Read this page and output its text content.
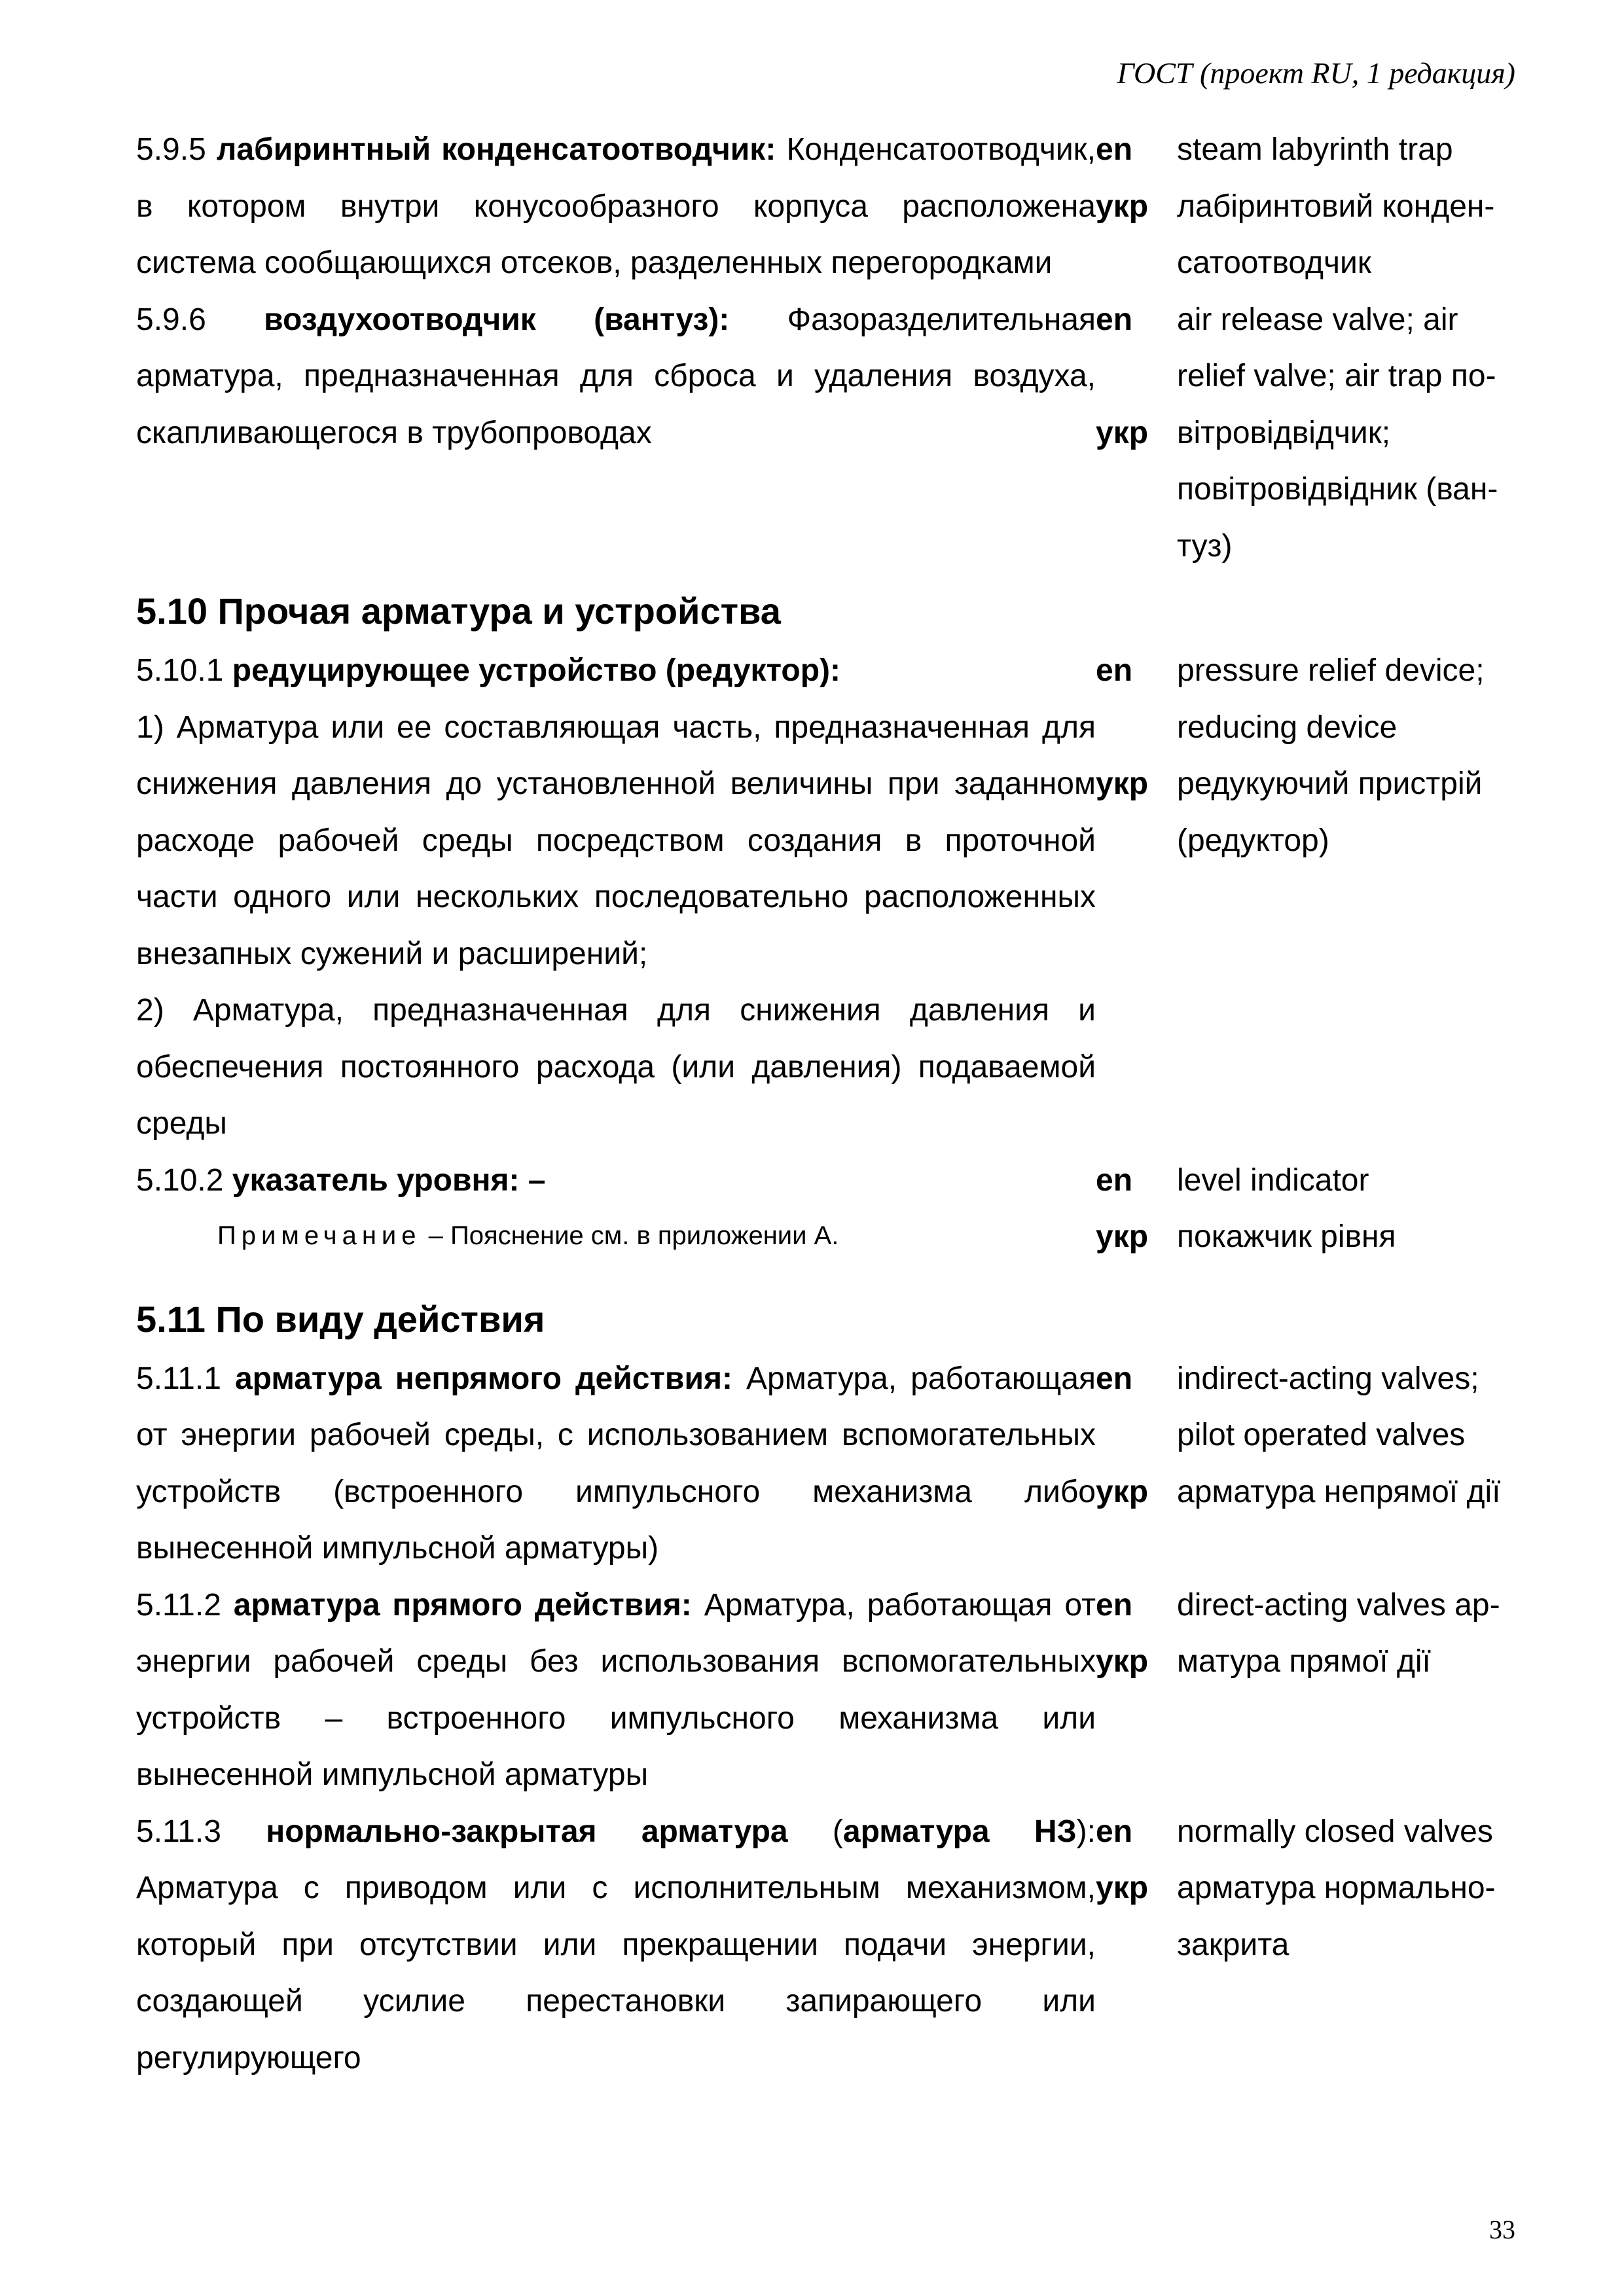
ГОСТ (проект RU, 1 редакция)

5.9.5 лабиринтный конденсатоотводчик: Конденсатоотводчик, в котором внутри конусообразного корпуса расположена система сообщающихся отсеков, разделенных перегородками

en
укр
steam labyrinth trap
лабіринтовий конден-
сатоотводчик

5.9.6 воздухоотводчик (вантуз): Фазоразделительная арматура, предназначенная для сброса и удаления воздуха, скапливающегося в трубопроводах

en
укр
air release valve; air
relief valve; air trap по-
вітровідвідчик;
повітровідвідник (ван-
туз)
5.10 Прочая арматура и устройства

5.10.1 редуцирующее устройство (редуктор):

1) Арматура или ее составляющая часть, предназначенная для снижения давления до установленной величины при заданном расходе рабочей среды посредством создания в проточной части одного или нескольких последовательно расположенных внезапных сужений и расширений;

2) Арматура, предназначенная для снижения давления и обеспечения постоянного расхода (или давления) подаваемой среды

en
укр
pressure relief device;
reducing device
редукуючий пристрій
(редуктор)

5.10.2 указатель уровня: –

Примечание – Пояснение см. в приложении А.
en
укр
level indicator
покажчик рівня
5.11 По виду действия

5.11.1 арматура непрямого действия: Арматура, работающая от энергии рабочей среды, с использованием вспомогательных устройств (встроенного импульсного механизма либо вынесенной импульсной арматуры)

en
укр
indirect-acting valves;
pilot operated valves
арматура непрямої дії

5.11.2 арматура прямого действия: Арматура, работающая от энергии рабочей среды без использования вспомогательных устройств – встроенного импульсного механизма или вынесенной импульсной арматуры

en
укр
direct-acting valves ар-
матура прямої дії

5.11.3 нормально-закрытая арматура (арматура НЗ): Арматура с приводом или с исполнительным механизмом, который при отсутствии или прекращении подачи энергии, создающей усилие перестановки запирающего или регулирующего

en
укр
normally closed valves
арматура нормально-
закрита
33
